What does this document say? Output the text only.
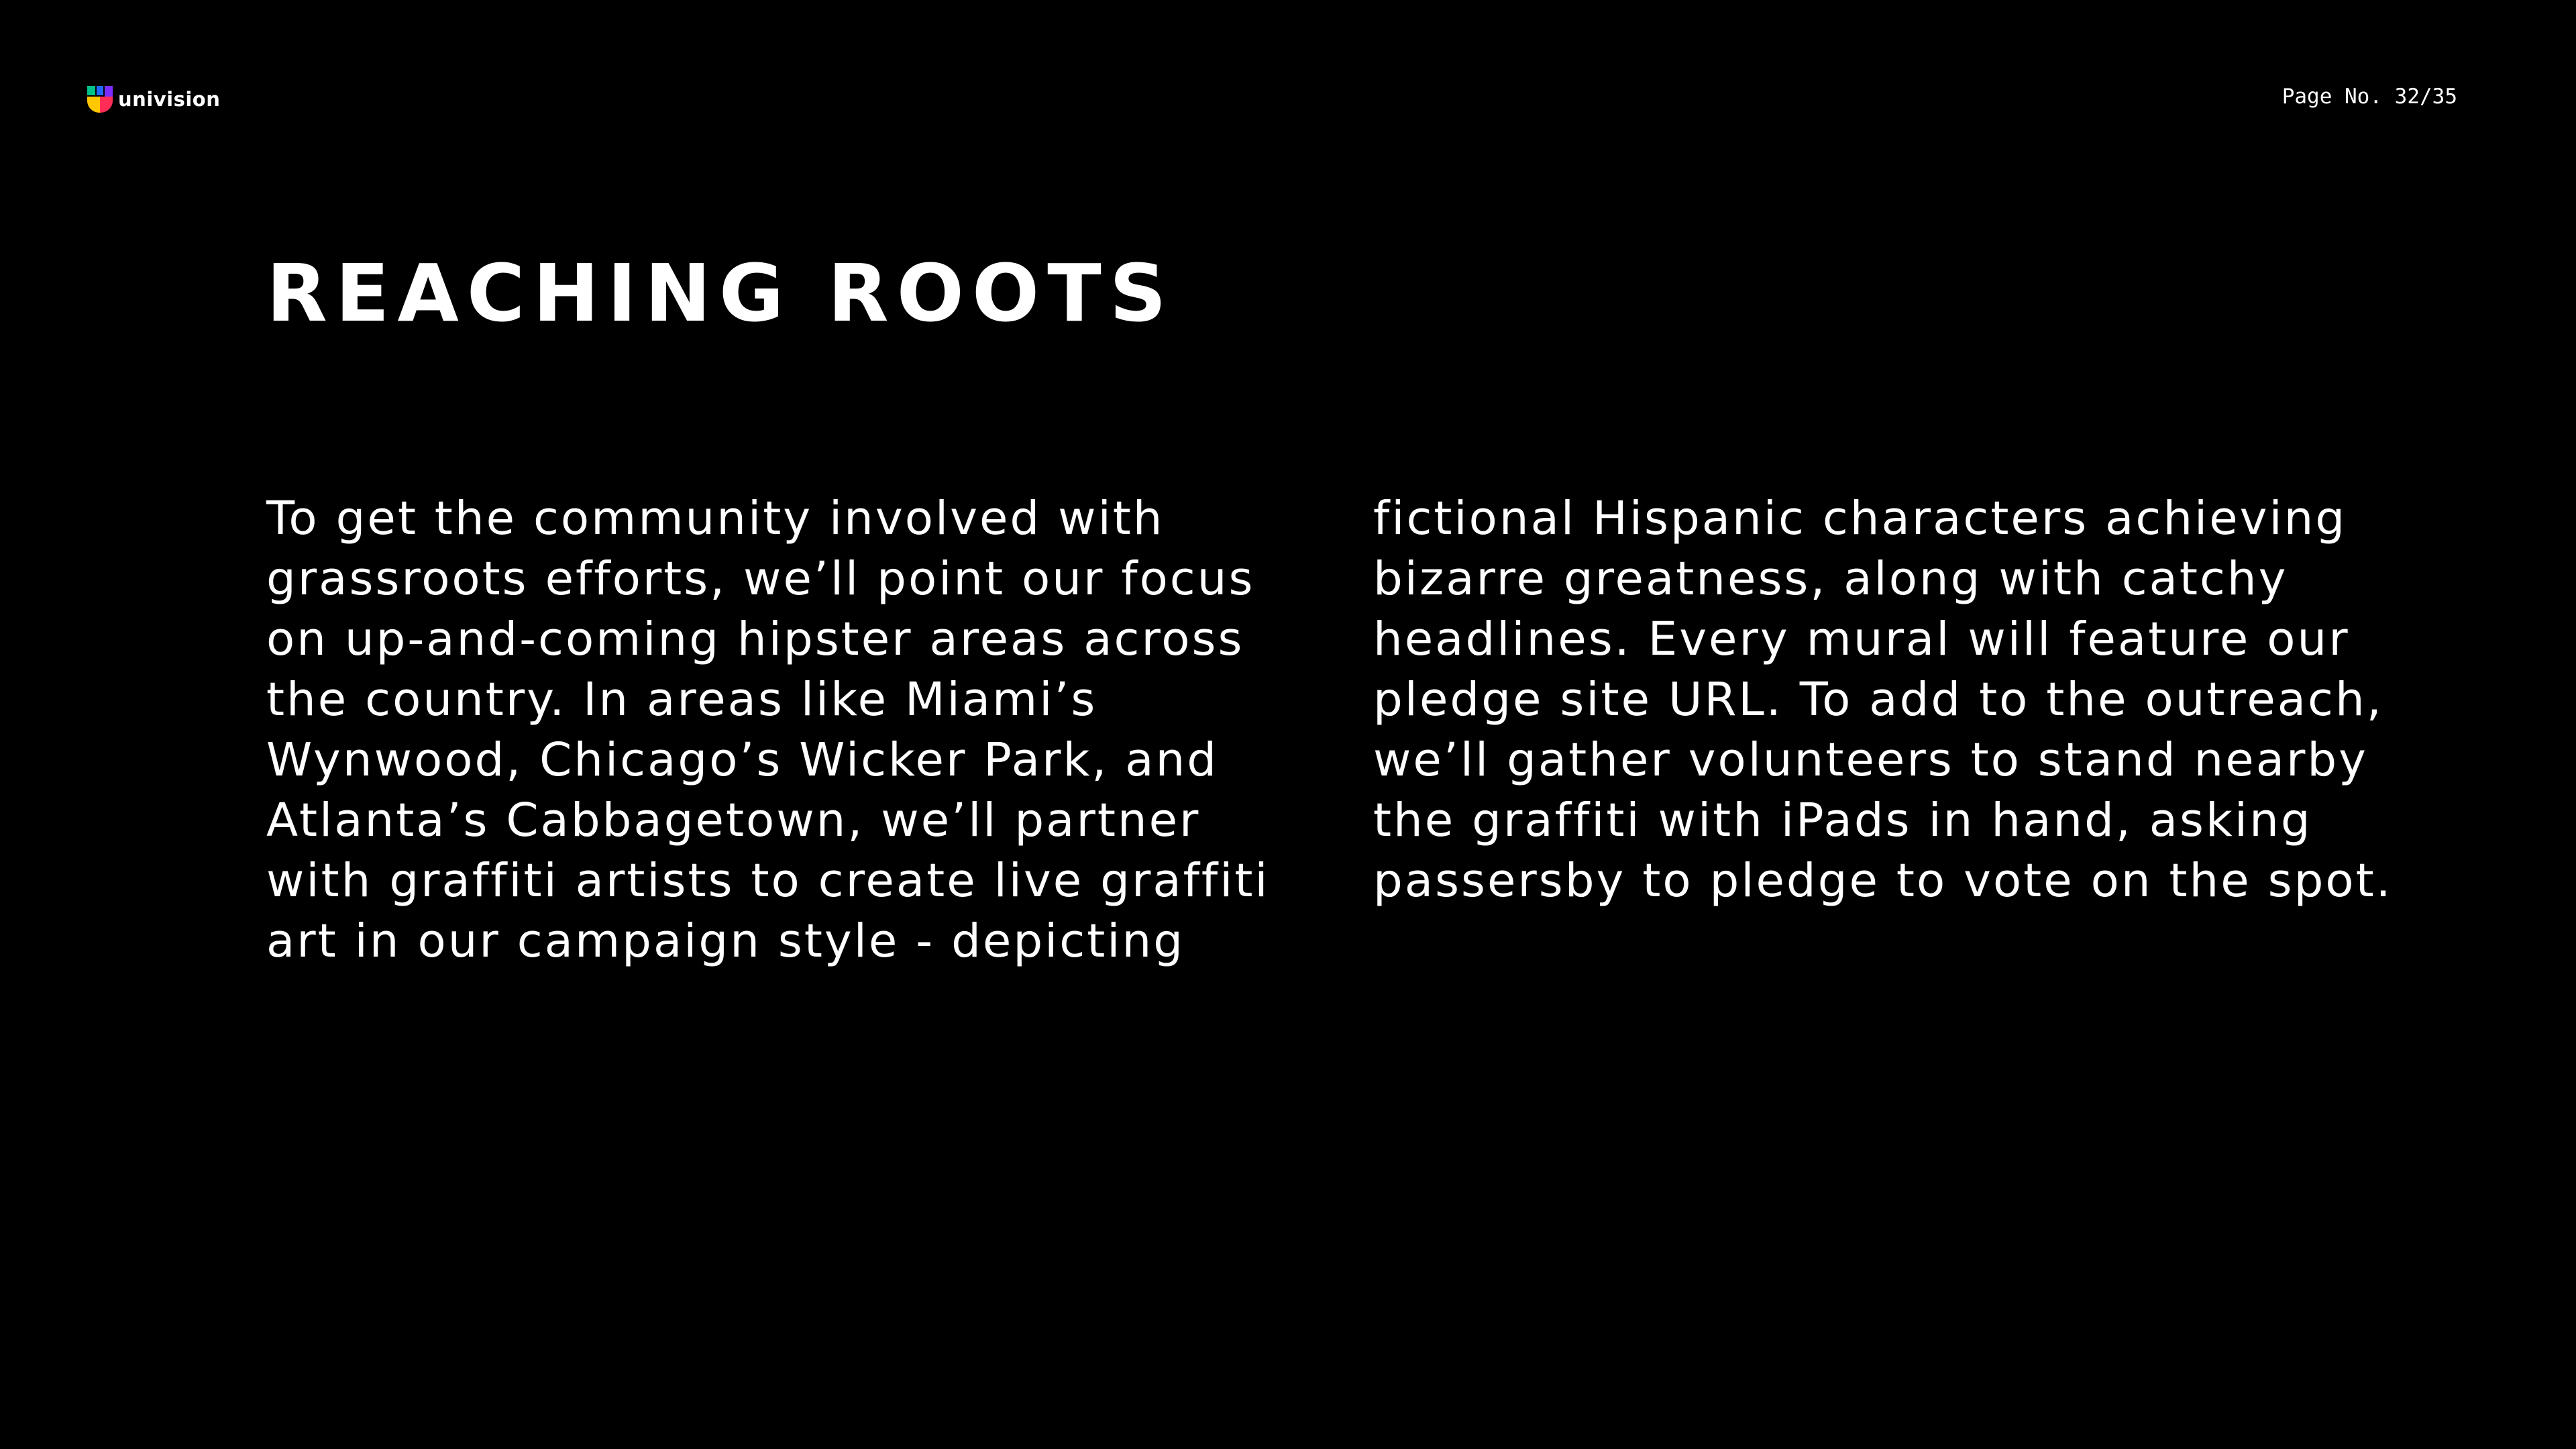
univision	Page No. 32/35
REACHING ROOTS

To get the community involved with
grassroots efforts, we’ll point our focus
on up-and-coming hipster areas across
the country. In areas like Miami’s
Wynwood, Chicago’s Wicker Park, and
Atlanta’s Cabbagetown, we’ll partner
with graffiti artists to create live graffiti
art in our campaign style - depicting

fictional Hispanic characters achieving
bizarre greatness, along with catchy
headlines. Every mural will feature our
pledge site URL. To add to the outreach,
we’ll gather volunteers to stand nearby
the graffiti with iPads in hand, asking
passersby to pledge to vote on the spot.
